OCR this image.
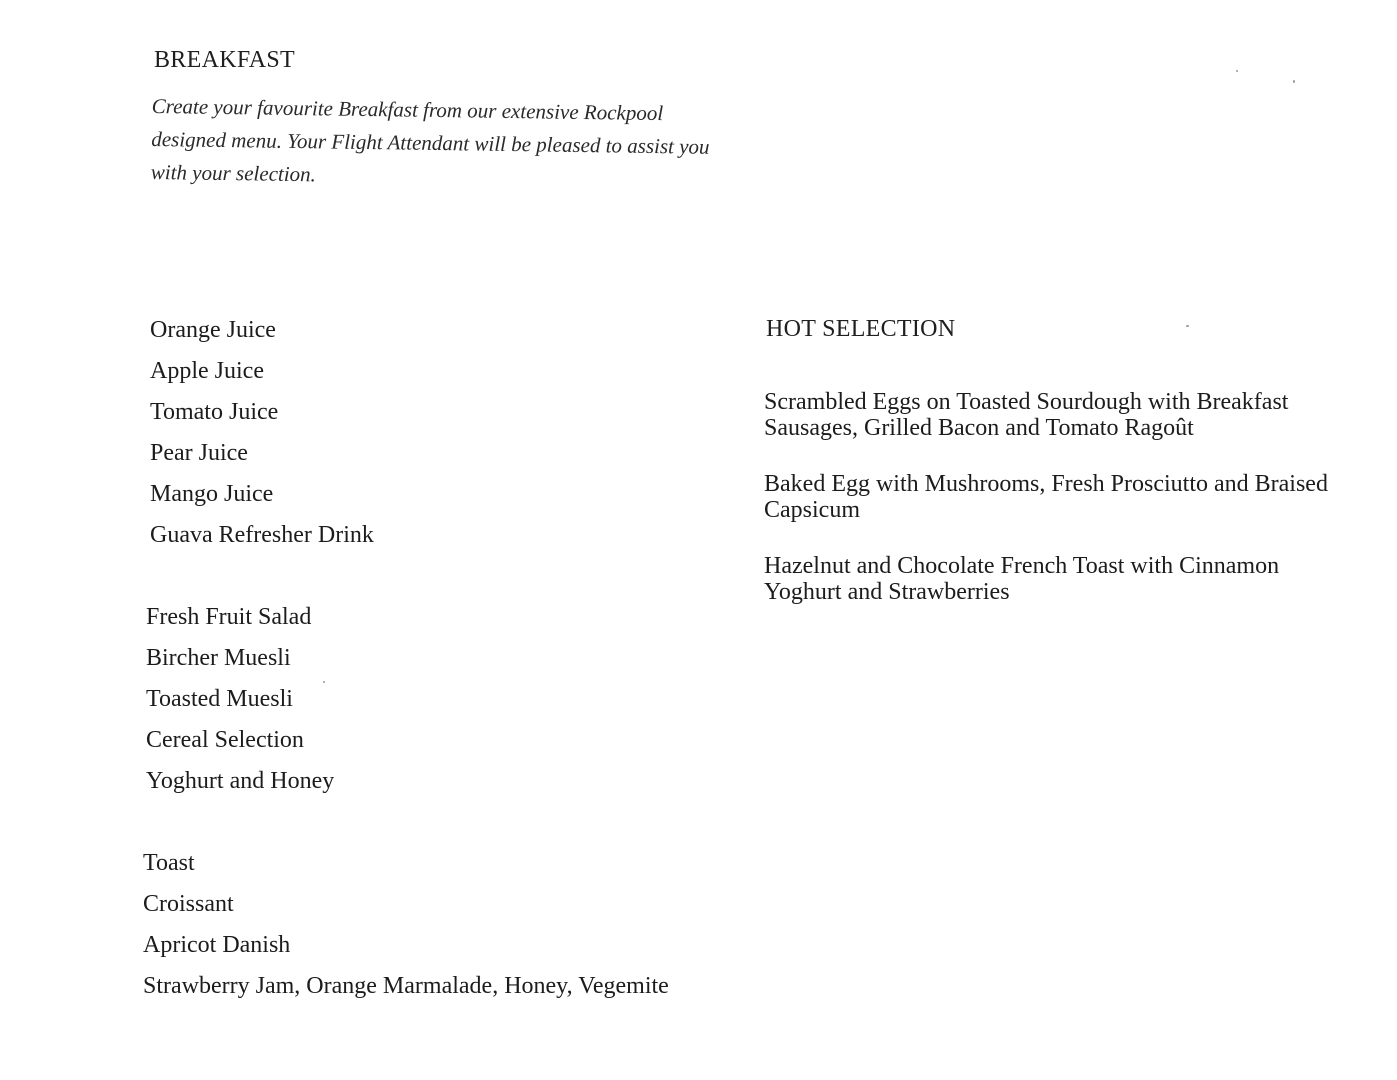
BREAKFAST

Create your favourite Breakfast from our extensive Rockpool designed menu. Your Flight Attendant will be pleased to assist you with your selection.

Orange Juice
Apple Juice
Tomato Juice
Pear Juice
Mango Juice
Guava Refresher Drink
Fresh Fruit Salad
Bircher Muesli
Toasted Muesli
Cereal Selection
Yoghurt and Honey
Toast
Croissant
Apricot Danish
Strawberry Jam, Orange Marmalade, Honey, Vegemite
HOT SELECTION
Scrambled Eggs on Toasted Sourdough with Breakfast Sausages, Grilled Bacon and Tomato Ragoût
Baked Egg with Mushrooms, Fresh Prosciutto and Braised Capsicum
Hazelnut and Chocolate French Toast with Cinnamon Yoghurt and Strawberries
